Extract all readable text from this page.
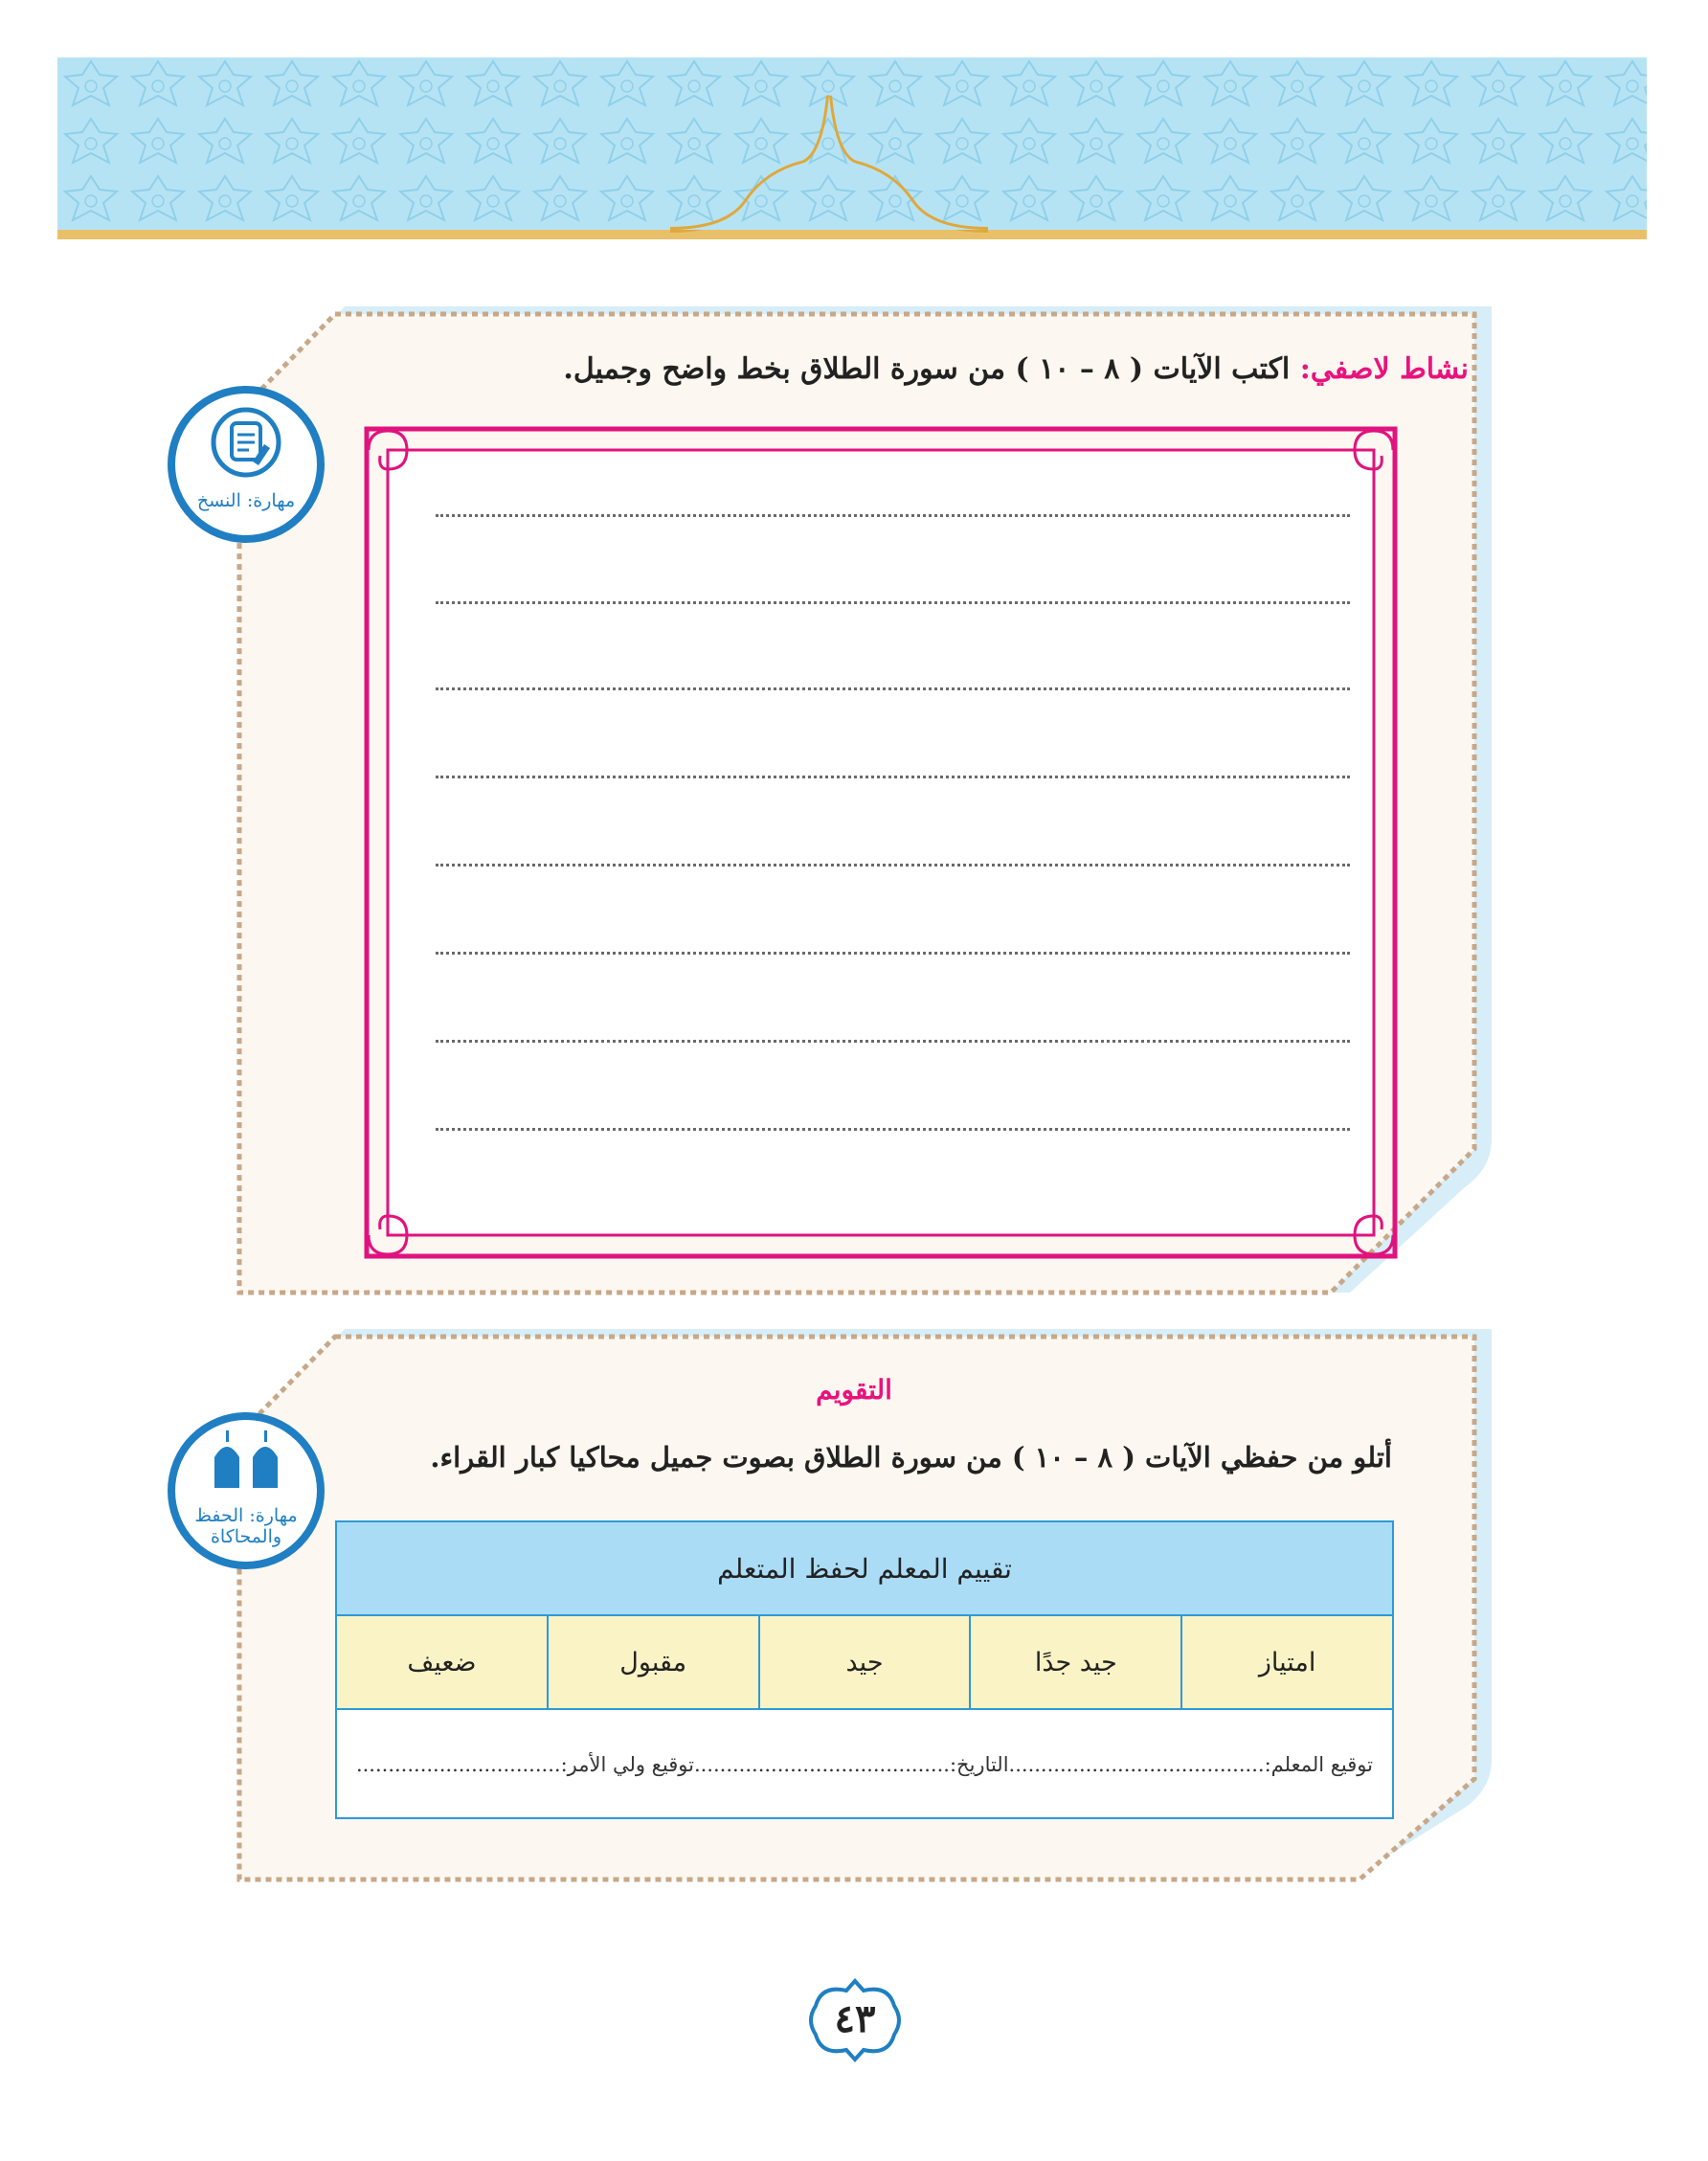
مهارة: النسخ
نشاط لاصفي: اكتب الآيات ( ٨ – ١٠ ) من سورة الطلاق بخط واضح وجميل.
مهارة: الحفظ
والمحاكاة
التقويم
أتلو من حفظي الآيات ( ٨ – ١٠ ) من سورة الطلاق بصوت جميل محاكيا كبار القراء.
تقييم المعلم لحفظ المتعلم
امتياز
جيد جدًا
جيد
مقبول
ضعيف
توقيع المعلم:
........................................
التاريخ:
........................................
توقيع ولي الأمر:
................................
٤٣
